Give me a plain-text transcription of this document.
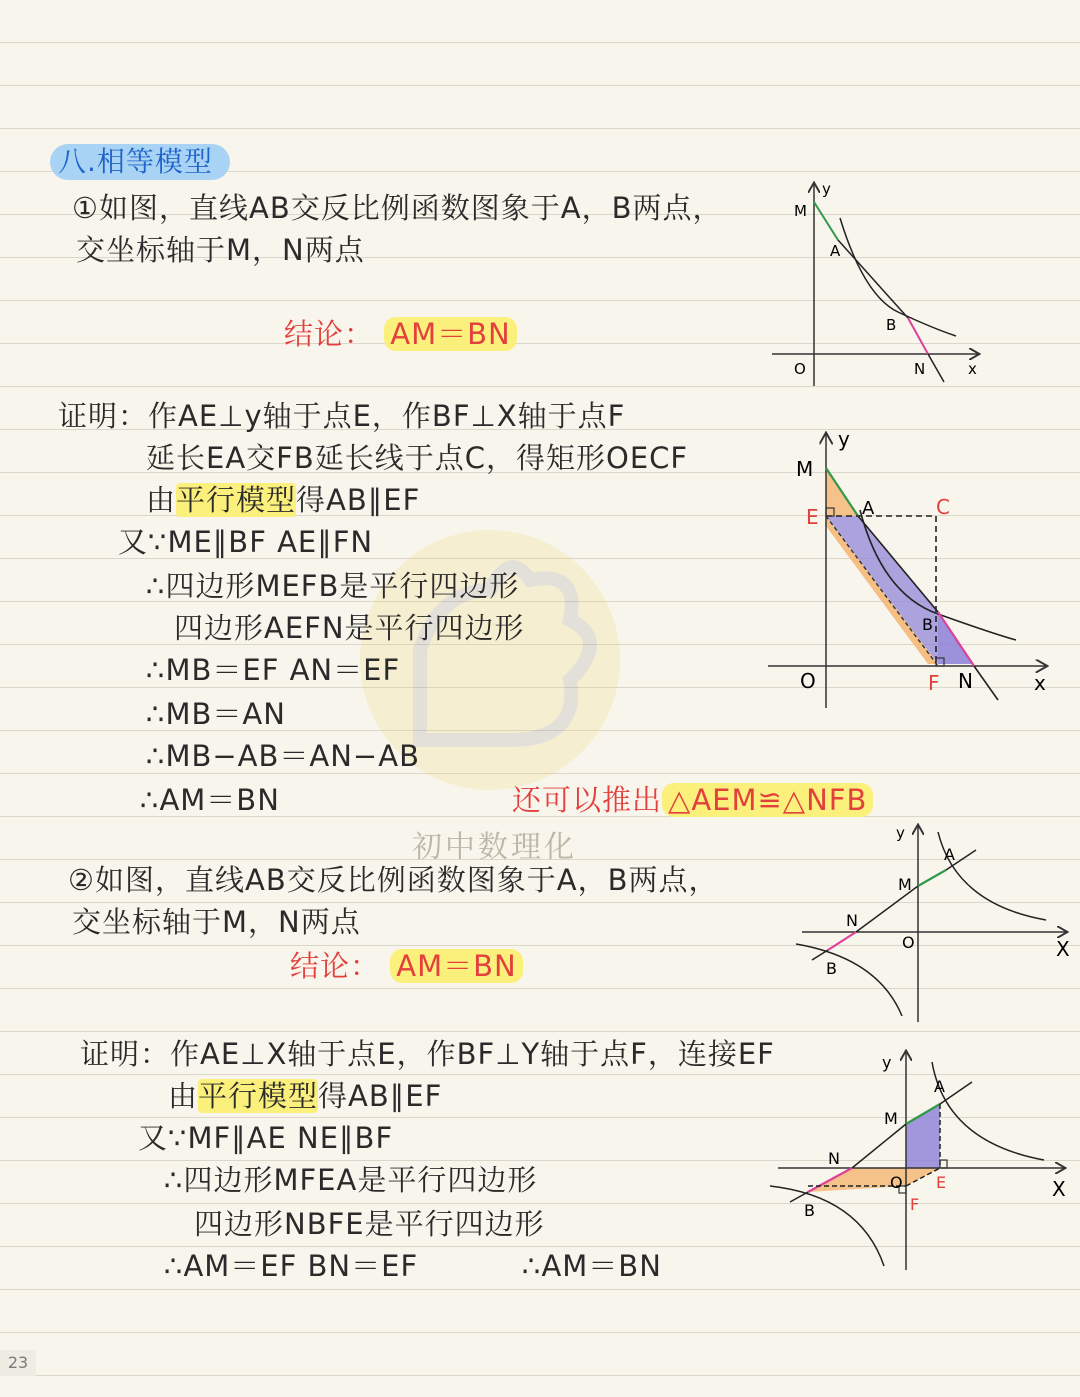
初中数理化
八.相等模型
①如图，直线AB交反比例函数图象于A，B两点，
交坐标轴于M，N两点
结论： AM＝BN
证明：作AE⊥y轴于点E，作BF⊥X轴于点F
延长EA交FB延长线于点C，得矩形OECF
由平行模型得AB∥EF
又∵ME∥BF AE∥FN
∴四边形MEFB是平行四边形
四边形AEFN是平行四边形
∴MB＝EF AN＝EF
∴MB＝AN
∴MB−AB＝AN−AB
∴AM＝BN	还可以推出 △AEM≌△NFB
②如图，直线AB交反比例函数图象于A，B两点，
交坐标轴于M，N两点
结论： AM＝BN
证明：作AE⊥X轴于点E，作BF⊥Y轴于点F，连接EF
由平行模型得AB∥EF
又∵MF∥AE NE∥BF
∴四边形MFEA是平行四边形
四边形NBFE是平行四边形
∴AM＝EF BN＝EF	∴AM＝BN
y
x
O
M
A
B
N
y
x
O
M
E A	C
B
F N
y
X
O
M
A
N
B
y
X
O
M
A
N
B
E
F
23
